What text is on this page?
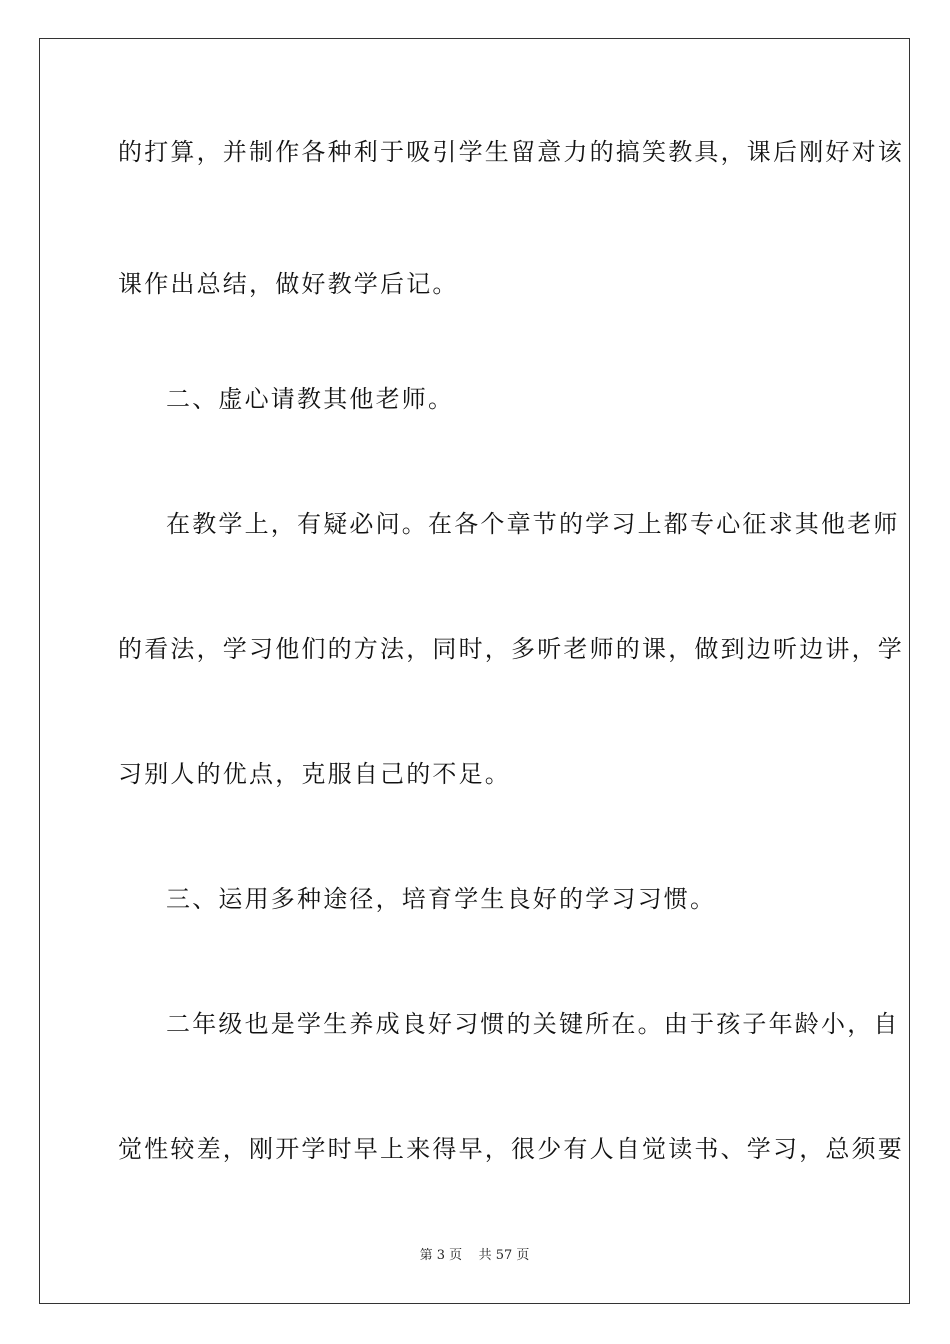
的打算，并制作各种利于吸引学生留意力的搞笑教具，课后刚好对该
课作出总结，做好教学后记。
二、虚心请教其他老师。
在教学上，有疑必问。在各个章节的学习上都专心征求其他老师
的看法，学习他们的方法，同时，多听老师的课，做到边听边讲，学
习别人的优点，克服自己的不足。
三、运用多种途径，培育学生良好的学习习惯。
二年级也是学生养成良好习惯的关键所在。由于孩子年龄小，自
觉性较差，刚开学时早上来得早，很少有人自觉读书、学习，总须要
第 3 页    共 57 页
